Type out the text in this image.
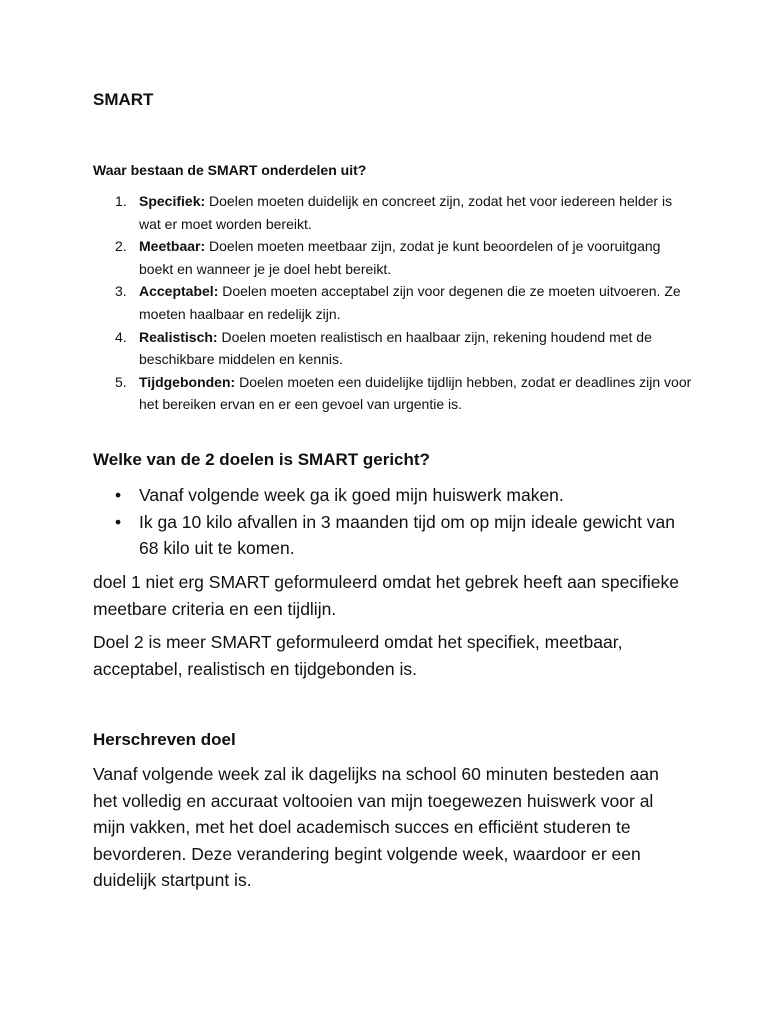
SMART
Waar bestaan de SMART onderdelen uit?
1. Specifiek: Doelen moeten duidelijk en concreet zijn, zodat het voor iedereen helder is wat er moet worden bereikt.
2. Meetbaar: Doelen moeten meetbaar zijn, zodat je kunt beoordelen of je vooruitgang boekt en wanneer je je doel hebt bereikt.
3. Acceptabel: Doelen moeten acceptabel zijn voor degenen die ze moeten uitvoeren. Ze moeten haalbaar en redelijk zijn.
4. Realistisch: Doelen moeten realistisch en haalbaar zijn, rekening houdend met de beschikbare middelen en kennis.
5. Tijdgebonden: Doelen moeten een duidelijke tijdlijn hebben, zodat er deadlines zijn voor het bereiken ervan en er een gevoel van urgentie is.
Welke van de 2 doelen is SMART gericht?
• Vanaf volgende week ga ik goed mijn huiswerk maken.
• Ik ga 10 kilo afvallen in 3 maanden tijd om op mijn ideale gewicht van 68 kilo uit te komen.

doel 1 niet erg SMART geformuleerd omdat het gebrek heeft aan specifieke meetbare criteria en een tijdlijn.

Doel 2 is meer SMART geformuleerd omdat het specifiek, meetbaar, acceptabel, realistisch en tijdgebonden is.

Herschreven doel

Vanaf volgende week zal ik dagelijks na school 60 minuten besteden aan het volledig en accuraat voltooien van mijn toegewezen huiswerk voor al mijn vakken, met het doel academisch succes en efficiënt studeren te bevorderen. Deze verandering begint volgende week, waardoor er een duidelijk startpunt is.
